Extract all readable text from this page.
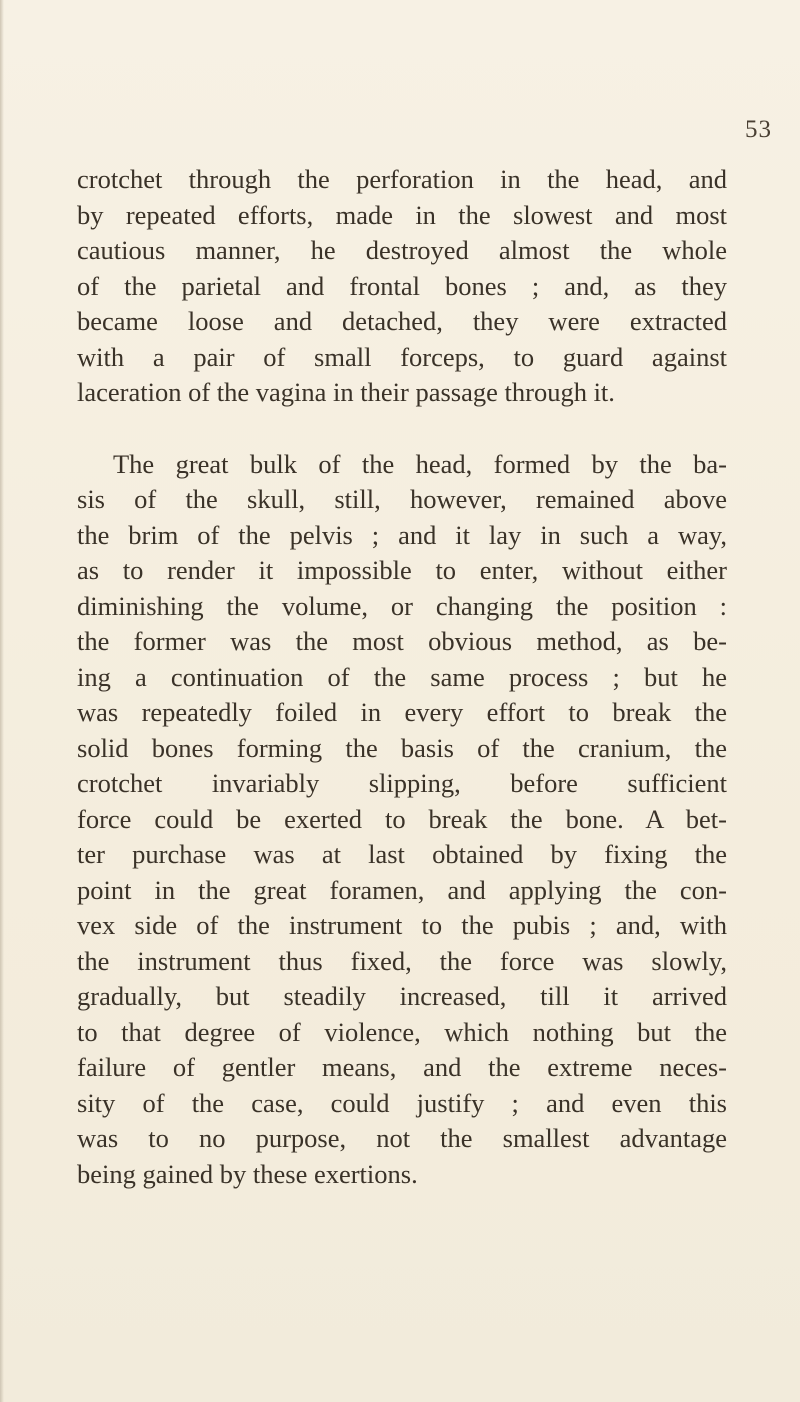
53
crotchet through the perforation in the head, and
by repeated efforts, made in the slowest and most
cautious manner, he destroyed almost the whole
of the parietal and frontal bones ; and, as they
became loose and detached, they were extracted
with a pair of small forceps, to guard against
laceration of the vagina in their passage through it.
The great bulk of the head, formed by the ba-
sis of the skull, still, however, remained above
the brim of the pelvis ; and it lay in such a way,
as to render it impossible to enter, without either
diminishing the volume, or changing the position :
the former was the most obvious method, as be-
ing a continuation of the same process ; but he
was repeatedly foiled in every effort to break the
solid bones forming the basis of the cranium, the
crotchet invariably slipping, before sufficient
force could be exerted to break the bone. A bet-
ter purchase was at last obtained by fixing the
point in the great foramen, and applying the con-
vex side of the instrument to the pubis ; and, with
the instrument thus fixed, the force was slowly,
gradually, but steadily increased, till it arrived
to that degree of violence, which nothing but the
failure of gentler means, and the extreme neces-
sity of the case, could justify ; and even this
was to no purpose, not the smallest advantage
being gained by these exertions.
